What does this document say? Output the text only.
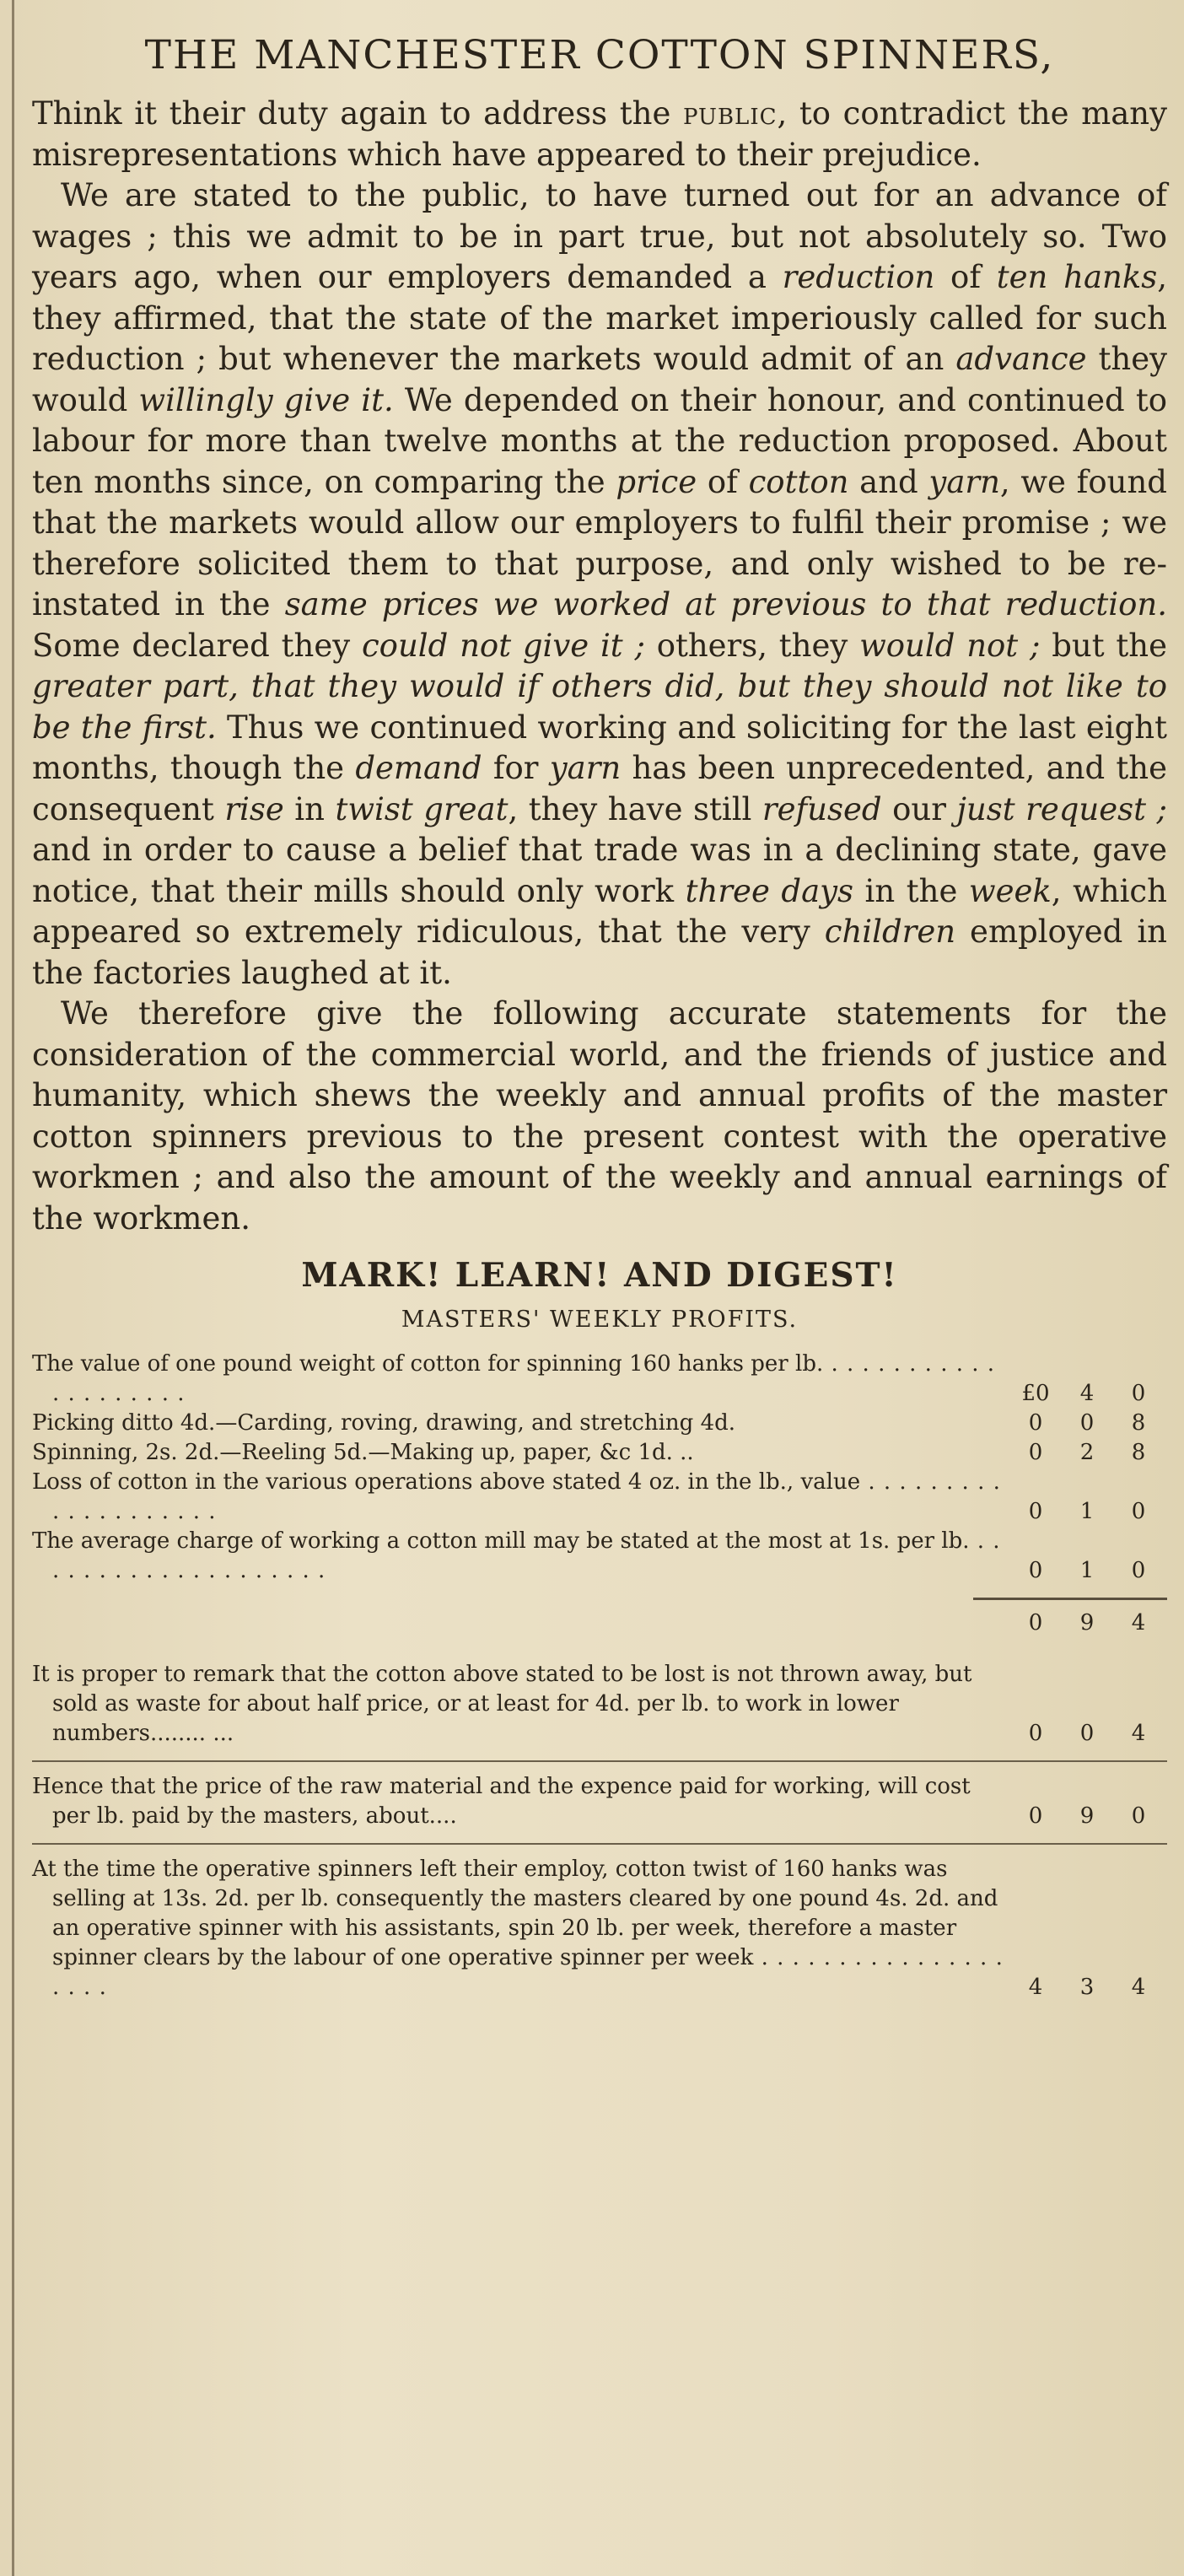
THE MANCHESTER COTTON SPINNERS,

Think it their duty again to address the public, to contradict the many misrepresentations which have appeared to their prejudice.

We are stated to the public, to have turned out for an advance of wages ; this we admit to be in part true, but not absolutely so. Two years ago, when our employers demanded a reduction of ten hanks, they affirmed, that the state of the market imperiously called for such reduction ; but whenever the markets would admit of an advance they would willingly give it. We depended on their honour, and continued to labour for more than twelve months at the reduction proposed. About ten months since, on comparing the price of cotton and yarn, we found that the markets would allow our employers to fulfil their promise ; we therefore solicited them to that purpose, and only wished to be re-instated in the same prices we worked at previous to that reduction. Some declared they could not give it ; others, they would not ; but the greater part, that they would if others did, but they should not like to be the first. Thus we continued working and soliciting for the last eight months, though the demand for yarn has been unprecedented, and the consequent rise in twist great, they have still refused our just request ; and in order to cause a belief that trade was in a declining state, gave notice, that their mills should only work three days in the week, which appeared so extremely ridiculous, that the very children employed in the factories laughed at it.

We therefore give the following accurate statements for the consideration of the commercial world, and the friends of justice and humanity, which shews the weekly and annual profits of the master cotton spinners previous to the present contest with the operative workmen ; and also the amount of the weekly and annual earnings of the workmen.

MARK! LEARN! AND DIGEST!
MASTERS' WEEKLY PROFITS.
The value of one pound weight of cotton for spinning 160 hanks per lb. . . .
£0	4	0
Picking ditto 4d.—Carding, roving, drawing, and stretching 4d.	0	0	8
Spinning, 2s. 2d.—Reeling 5d.—Making up, paper, &c 1d. ..	0	2	8
Loss of cotton in the various operations above stated 4 oz. in the lb., value . . .
0	1	0
The average charge of working a cotton mill may be stated at the most at 1s. per lb. . . .
0	1	0
0	9	4
It is proper to remark that the cotton above stated to be lost is not thrown away, but sold as waste for about half price, or at least for 4d. per lb. to work in lower numbers........ ...	0	0	4
Hence that the price of the raw material and the expence paid for working, will cost per lb. paid by the masters, about....	0	9	0
At the time the operative spinners left their employ, cotton twist of 160 hanks was selling at 13s. 2d. per lb. consequently the masters cleared by one pound 4s. 2d. and an operative spinner with his assistants, spin 20 lb. per week, therefore a master spinner clears by the labour of one operative spinner per week . . .
4	3	4
